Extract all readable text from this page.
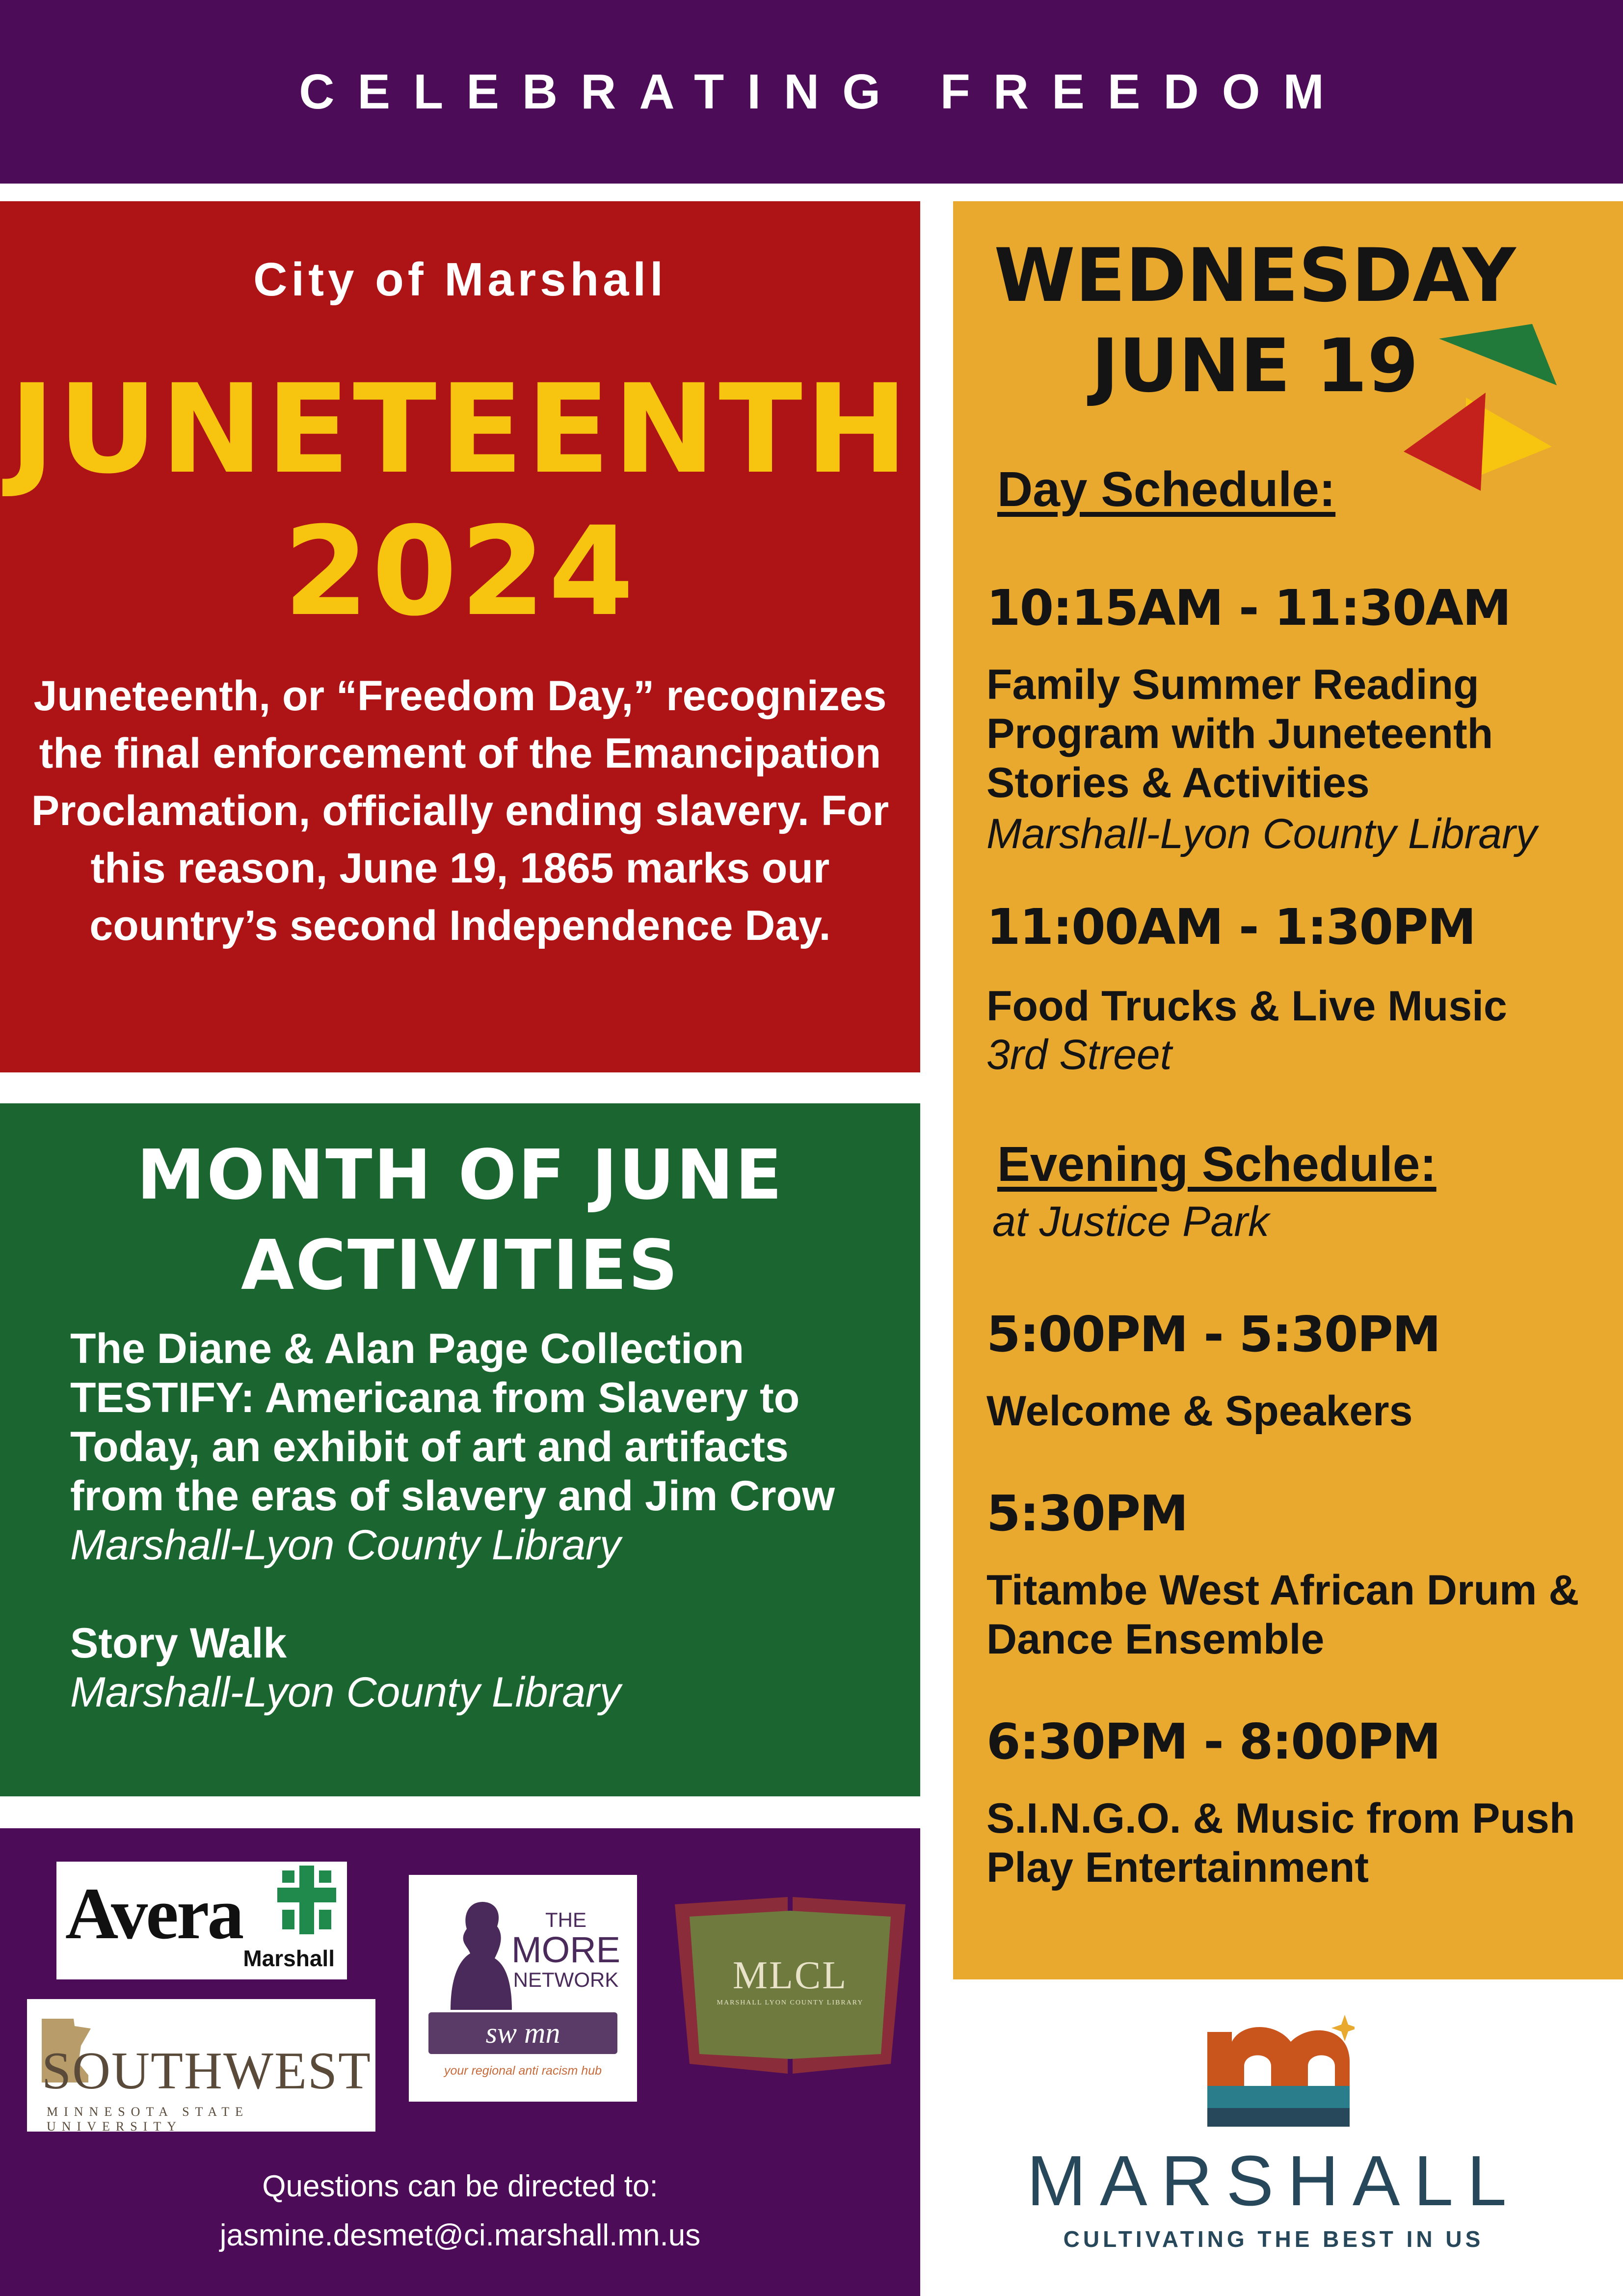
CELEBRATING FREEDOM
City of Marshall
JUNETEENTH
2024
Juneteenth, or “Freedom Day,” recognizes the final enforcement of the Emancipation Proclamation, officially ending slavery. For this reason, June 19, 1865 marks our country’s second Independence Day.
MONTH OF JUNE
ACTIVITIES
The Diane & Alan Page Collection TESTIFY: Americana from Slavery to Today, an exhibit of art and artifacts from the eras of slavery and Jim Crow
Marshall-Lyon County Library
Story Walk
Marshall-Lyon County Library
Avera
Marshall
SOUTHWEST
MINNESOTA STATE UNIVERSITY
THE
MORE
NETWORK
sw mn
your regional anti racism hub
MLCL
MARSHALL LYON COUNTY LIBRARY
Questions can be directed to:
jasmine.desmet@ci.marshall.mn.us
WEDNESDAY
JUNE 19
Day Schedule:
10:15AM - 11:30AM
Family Summer Reading Program with Juneteenth Stories & Activities
Marshall-Lyon County Library
11:00AM - 1:30PM
Food Trucks & Live Music
3rd Street
Evening Schedule:
at Justice Park
5:00PM - 5:30PM
Welcome & Speakers
5:30PM
Titambe West African Drum & Dance Ensemble
6:30PM - 8:00PM
S.I.N.G.O. & Music from Push Play Entertainment
MARSHALL
CULTIVATING THE BEST IN US
